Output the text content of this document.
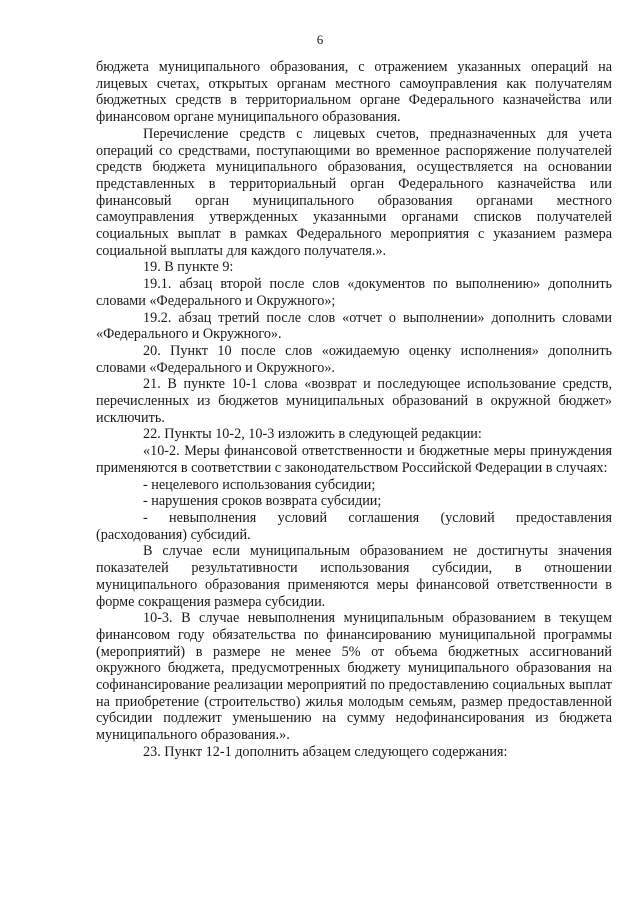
6

бюджета муниципального образования, с отражением указанных операций на лицевых счетах, открытых органам местного самоуправления как получателям бюджетных средств в территориальном органе Федерального казначейства или финансовом органе муниципального образования.

Перечисление средств с лицевых счетов, предназначенных для учета операций со средствами, поступающими во временное распоряжение получателей средств бюджета муниципального образования, осуществляется на основании представленных в территориальный орган Федерального казначейства или финансовый орган муниципального образования органами местного самоуправления утвержденных указанными органами списков получателей социальных выплат в рамках Федерального мероприятия с указанием размера социальной выплаты для каждого получателя.».

19. В пункте 9:

19.1. абзац второй после слов «документов по выполнению» дополнить словами «Федерального и Окружного»;

19.2. абзац третий после слов «отчет о выполнении» дополнить словами «Федерального и Окружного».

20. Пункт 10 после слов «ожидаемую оценку исполнения» дополнить словами «Федерального и Окружного».

21. В пункте 10-1 слова «возврат и последующее использование средств, перечисленных из бюджетов муниципальных образований в окружной бюджет» исключить.

22. Пункты 10-2, 10-3 изложить в следующей редакции:

«10-2. Меры финансовой ответственности и бюджетные меры принуждения применяются в соответствии с законодательством Российской Федерации в случаях:

- нецелевого использования субсидии;

- нарушения сроков возврата субсидии;

- невыполнения условий соглашения (условий предоставления (расходования) субсидий.

В случае если муниципальным образованием не достигнуты значения показателей результативности использования субсидии, в отношении муниципального образования применяются меры финансовой ответственности в форме сокращения размера субсидии.

10-3. В случае невыполнения муниципальным образованием в текущем финансовом году обязательства по финансированию муниципальной программы (мероприятий) в размере не менее 5% от объема бюджетных ассигнований окружного бюджета, предусмотренных бюджету муниципального образования на софинансирование реализации мероприятий по предоставлению социальных выплат на приобретение (строительство) жилья молодым семьям, размер предоставленной субсидии подлежит уменьшению на сумму недофинансирования из бюджета муниципального образования.».

23. Пункт 12-1 дополнить абзацем следующего содержания:
